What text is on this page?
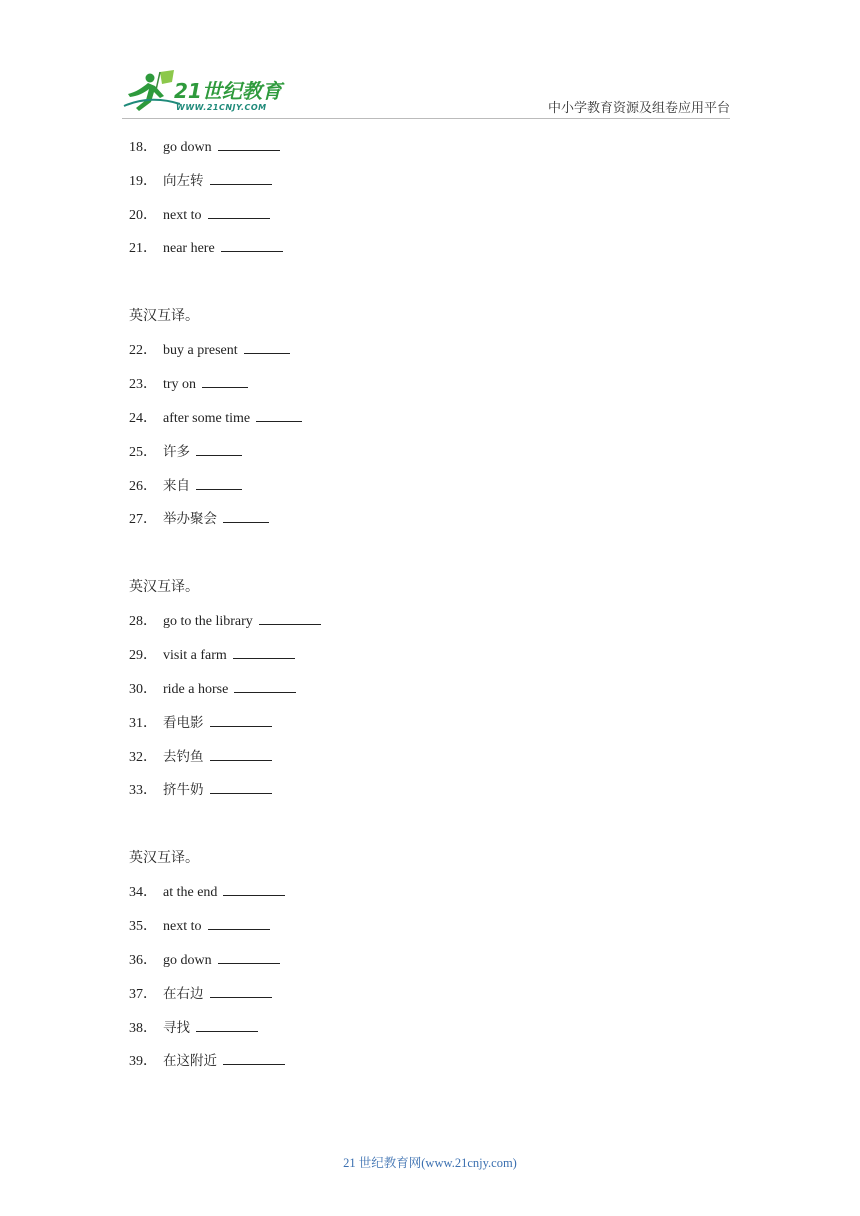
21世纪教育
WWW.21CNJY.COM	中小学教育资源及组卷应用平台
18． go down
19． 向左转
20． next to
21． near here
英汉互译。
22． buy a present
23． try on
24． after some time
25． 许多
26． 来自
27． 举办聚会
英汉互译。
28． go to the library
29． visit a farm
30． ride a horse
31． 看电影
32． 去钓鱼
33． 挤牛奶
英汉互译。
34． at the end
35． next to
36． go down
37． 在右边
38． 寻找
39． 在这附近
21 世纪教育网(www.21cnjy.com)
